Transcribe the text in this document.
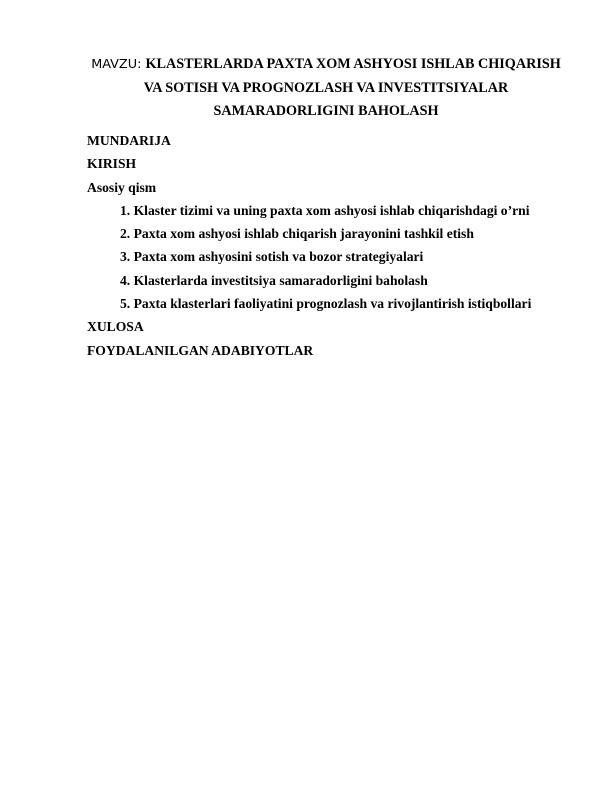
MAVZU: KLASTERLARDA PAXTA XOM ASHYOSI ISHLAB CHIQARISH
VA SOTISH VA PROGNOZLASH VA INVESTITSIYALAR
SAMARADORLIGINI BAHOLASH
MUNDARIJA
KIRISH
Asosiy qism
1. Klaster tizimi va uning paxta xom ashyosi ishlab chiqarishdagi o’rni
2. Paxta xom ashyosi ishlab chiqarish jarayonini tashkil etish
3. Paxta xom ashyosini sotish va bozor strategiyalari
4. Klasterlarda investitsiya samaradorligini baholash
5. Paxta klasterlari faoliyatini prognozlash va rivojlantirish istiqbollari
XULOSA
FOYDALANILGAN ADABIYOTLAR
